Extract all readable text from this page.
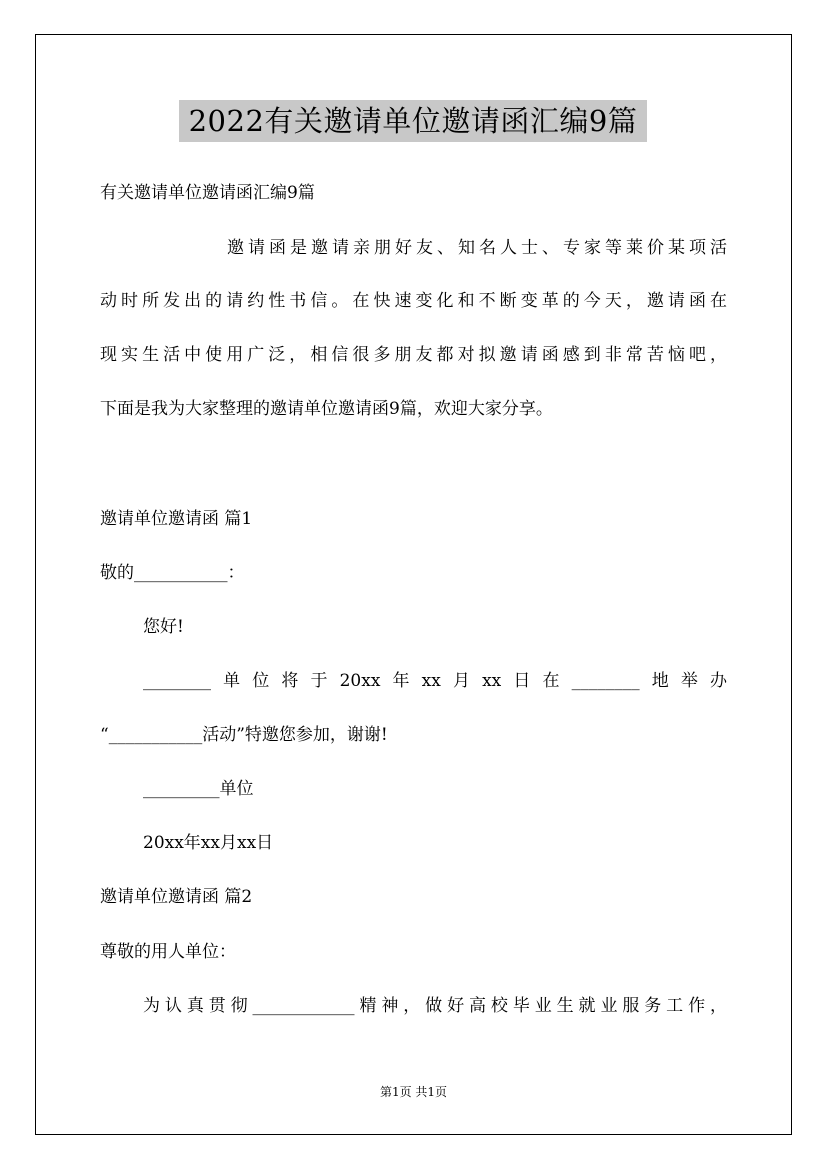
2022有关邀请单位邀请函汇编9篇
有关邀请单位邀请函汇编9篇
邀请函是邀请亲朋好友、知名人士、专家等莱价某项活
动时所发出的请约性书信。在快速变化和不断变革的今天，邀请函在
现实生活中使用广泛，相信很多朋友都对拟邀请函感到非常苦恼吧，
下面是我为大家整理的邀请单位邀请函9篇，欢迎大家分享。
邀请单位邀请函 篇1
敬的___________：
您好!
________单位将于20xx年xx月xx日在________地举办
“___________活动”特邀您参加，谢谢!
_________单位
20xx年xx月xx日
邀请单位邀请函 篇2
尊敬的用人单位：
为认真贯彻____________精神，做好高校毕业生就业服务工作，
第1页 共1页
